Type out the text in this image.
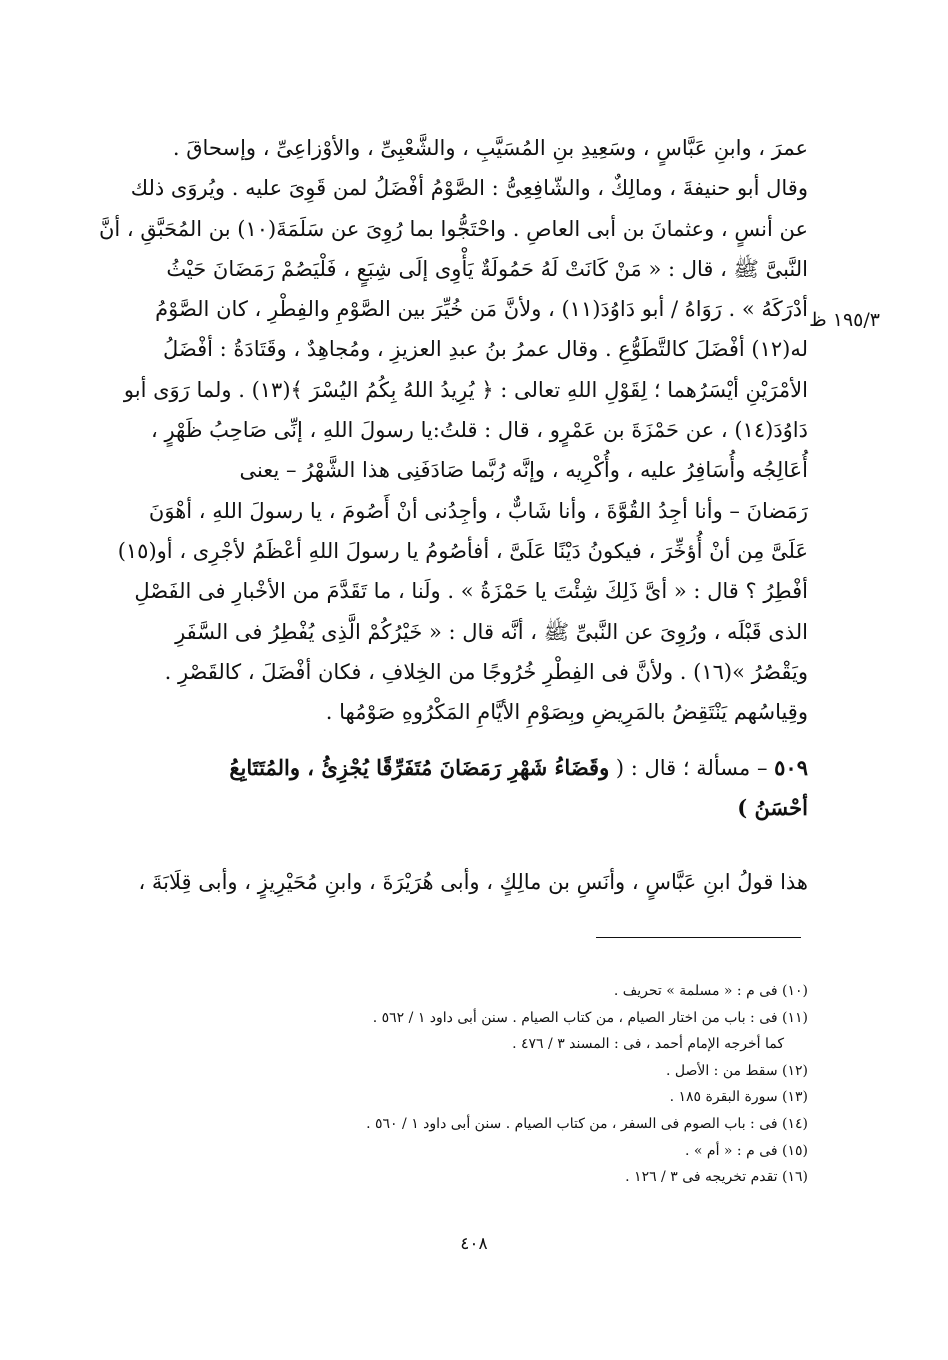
عمرَ ، وابنِ عَبَّاسٍ ، وسَعِيدِ بنِ المُسَيَّبِ ، والشَّعْبِىِّ ، والأوْزاعِىِّ ، وإسحاقَ .
وقال أبو حنيفةَ ، ومالِكٌ ، والشّافِعِىُّ : الصَّوْمُ أفْضَلُ لمن قَوِىَ عليه . ويُروَى ذلك
عن أنسٍ ، وعثمانَ بن أبى العاصِ . واحْتَجُّوا بما رُوِىَ عن سَلَمَةَ(١٠) بن المُحَبَّقِ ، أنَّ
النَّبىَّ ﷺ ، قال : « مَنْ كَانَتْ لَهُ حَمُولَةٌ يَأْوِى إلَى شِبَعٍ ، فَلْيَصُمْ رَمَضَانَ حَيْثُ
أدْرَكَهُ » . رَوَاهُ / أبو دَاوُدَ(١١) ، ولأنَّ مَن خُيِّرَ بين الصَّوْمِ والفِطْرِ ، كان الصَّوْمُ
له(١٢) أفْضَلَ كالتَّطَوُّعِ . وقال عمرُ بنُ عبدِ العزيزِ ، ومُجاهِدٌ ، وقَتَادَةُ : أفْضَلُ
الأمْرَيْنِ أيْسَرُهما ؛ لِقَوْلِ اللهِ تعالى : ﴿ يُرِيدُ اللهُ بِكُمُ اليُسْرَ ﴾(١٣) . ولما رَوَى أبو
دَاوُدَ(١٤) ، عن حَمْزَةَ بن عَمْرٍو ، قال : قلتُ:يا رسولَ اللهِ ، إنِّى صَاحِبُ ظَهْرٍ ،
أُعَالِجُه وأُسَافِرُ عليه ، وأُكْرِيه ، وإنَّه رُبَّما صَادَفَنِى هذا الشَّهْرُ – يعنى
رَمَضانَ – وأنا أجِدُ القُوَّةَ ، وأنا شَابٌّ ، وأجِدُنى أنْ أَصُومَ ، يا رسولَ اللهِ ، أهْوَنَ
عَلَىَّ مِن أنْ أُؤخِّرَ ، فيكونُ دَيْنًا عَلَىَّ ، أفأصُومُ يا رسولَ اللهِ أعْظَمُ لأجْرِى ، أو(١٥)
أفْطِرُ ؟ قال : « أىَّ ذَلِكَ شِئْتَ يا حَمْزَةُ » . ولَنا ، ما تَقَدَّمَ من الأخْبارِ فى الفَصْلِ
الذى قَبْلَه ، ورُوِىَ عن النَّبىِّ ﷺ ، أنَّه قال : « خَيْرُكُمْ الَّذِى يُفْطِرُ فى السَّفَرِ
ويَقْصُرُ »(١٦) . ولأنَّ فى الفِطْرِ خُرُوجًا من الخِلافِ ، فكان أفْضَلَ ، كالقَصْرِ .
وقِياسُهم يَنْتَقِضُ بالمَرِيضِ وبِصَوْمِ الأيَّامِ المَكْرُوهِ صَوْمُها .
١٩٥/٣ ظ
٥٠٩ – مسألة ؛ قال : ( وقَضَاءُ شَهْرِ رَمَضَانَ مُتَفَرِّقًا يُجْزِئُ ، والمُتَتَابِعُ
أحْسَنُ )
هذا قولُ ابنِ عَبَّاسٍ ، وأنَسِ بن مالِكٍ ، وأبى هُرَيْرَةَ ، وابنِ مُحَيْرِيزٍ ، وأبى قِلَابَةَ ،
(١٠) فى م : « مسلمة » تحريف .
(١١) فى : باب من اختار الصيام ، من كتاب الصيام . سنن أبى داود ١ / ٥٦٢ .
كما أخرجه الإمام أحمد ، فى : المسند ٣ / ٤٧٦ .
(١٢) سقط من : الأصل .
(١٣) سورة البقرة ١٨٥ .
(١٤) فى : باب الصوم فى السفر ، من كتاب الصيام . سنن أبى داود ١ / ٥٦٠ .
(١٥) فى م : « أم » .
(١٦) تقدم تخريجه فى ٣ / ١٢٦ .
٤٠٨
